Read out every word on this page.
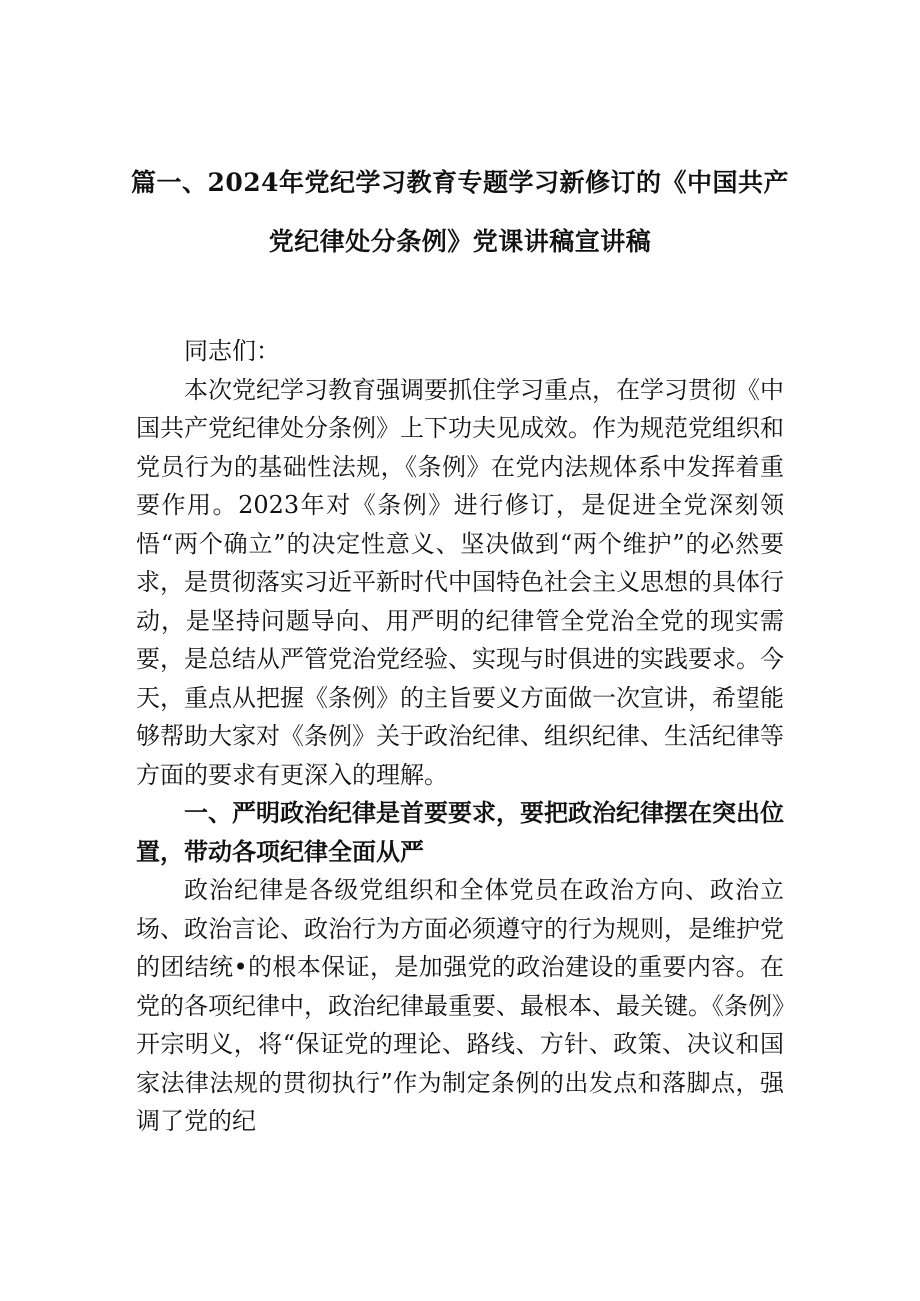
篇一、2024年党纪学习教育专题学习新修订的《中国共产
党纪律处分条例》党课讲稿宣讲稿

同志们：

本次党纪学习教育强调要抓住学习重点，在学习贯彻《中国共产党纪律处分条例》上下功夫见成效。作为规范党组织和党员行为的基础性法规，《条例》在党内法规体系中发挥着重要作用。2023年对《条例》进行修订，是促进全党深刻领悟“两个确立”的决定性意义、坚决做到“两个维护”的必然要求，是贯彻落实习近平新时代中国特色社会主义思想的具体行动，是坚持问题导向、用严明的纪律管全党治全党的现实需要，是总结从严管党治党经验、实现与时俱进的实践要求。今天，重点从把握《条例》的主旨要义方面做一次宣讲，希望能够帮助大家对《条例》关于政治纪律、组织纪律、生活纪律等方面的要求有更深入的理解。

一、严明政治纪律是首要要求，要把政治纪律摆在突出位置，带动各项纪律全面从严

政治纪律是各级党组织和全体党员在政治方向、政治立场、政治言论、政治行为方面必须遵守的行为规则，是维护党的团结统•的根本保证，是加强党的政治建设的重要内容。在党的各项纪律中，政治纪律最重要、最根本、最关键。《条例》开宗明义，将“保证党的理论、路线、方针、政策、决议和国家法律法规的贯彻执行”作为制定条例的出发点和落脚点，强调了党的纪
